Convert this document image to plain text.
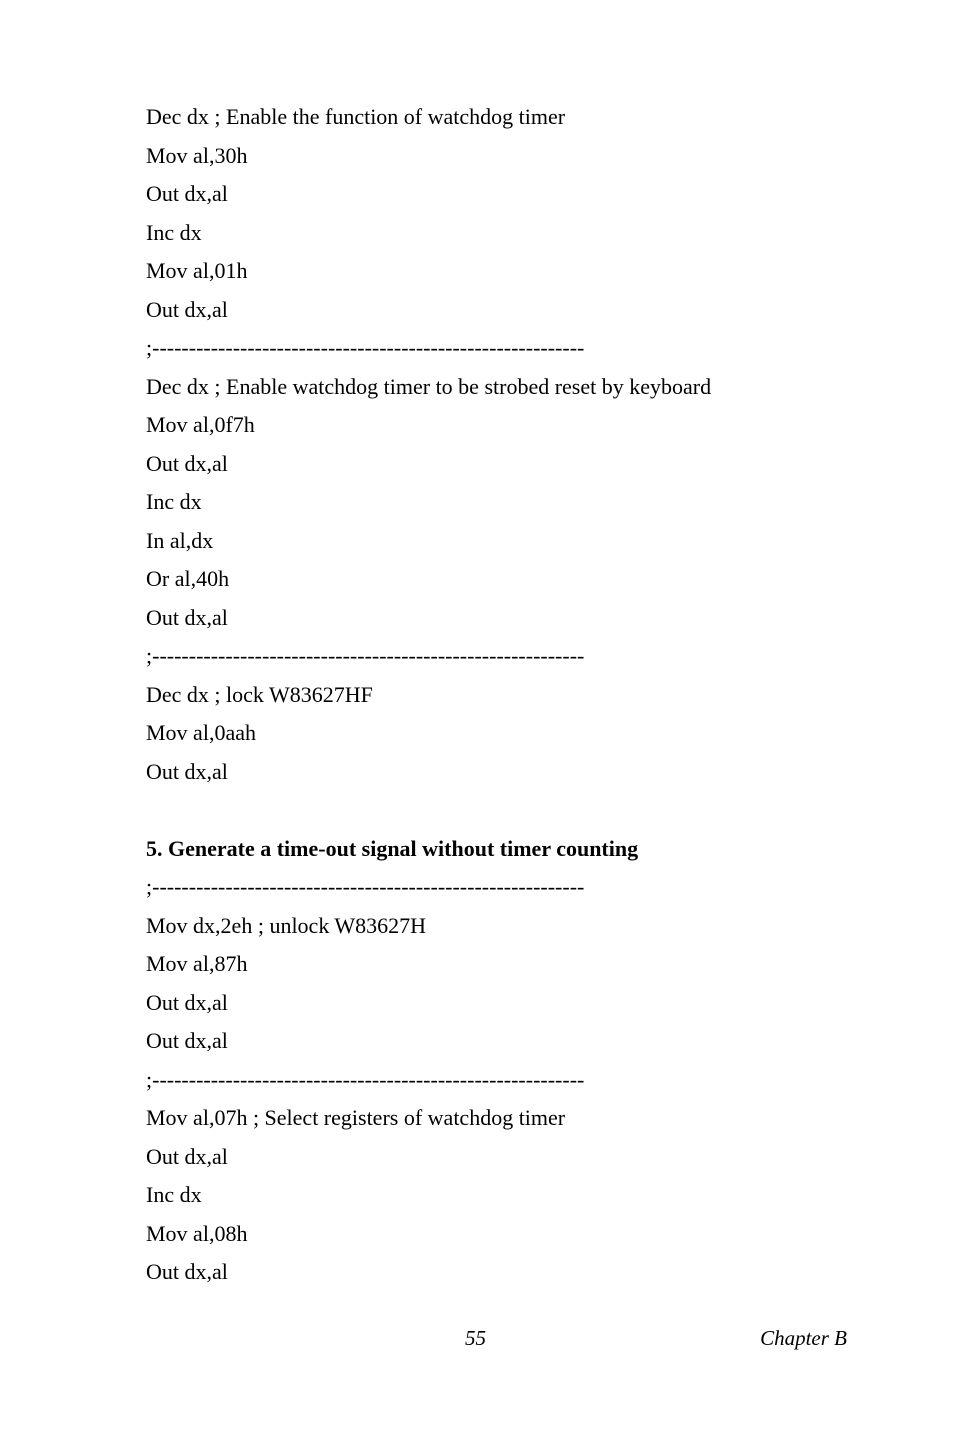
Dec dx ; Enable the function of watchdog timer
Mov al,30h
Out dx,al
Inc dx
Mov al,01h
Out dx,al
;-----------------------------------------------------------
Dec dx ; Enable watchdog timer to be strobed reset by keyboard
Mov al,0f7h
Out dx,al
Inc dx
In al,dx
Or al,40h
Out dx,al
;-----------------------------------------------------------
Dec dx ; lock W83627HF
Mov al,0aah
Out dx,al
5. Generate a time-out signal without timer counting
;-----------------------------------------------------------
Mov dx,2eh ; unlock W83627H
Mov al,87h
Out dx,al
Out dx,al
;-----------------------------------------------------------
Mov al,07h ; Select registers of watchdog timer
Out dx,al
Inc dx
Mov al,08h
Out dx,al
55	Chapter B
